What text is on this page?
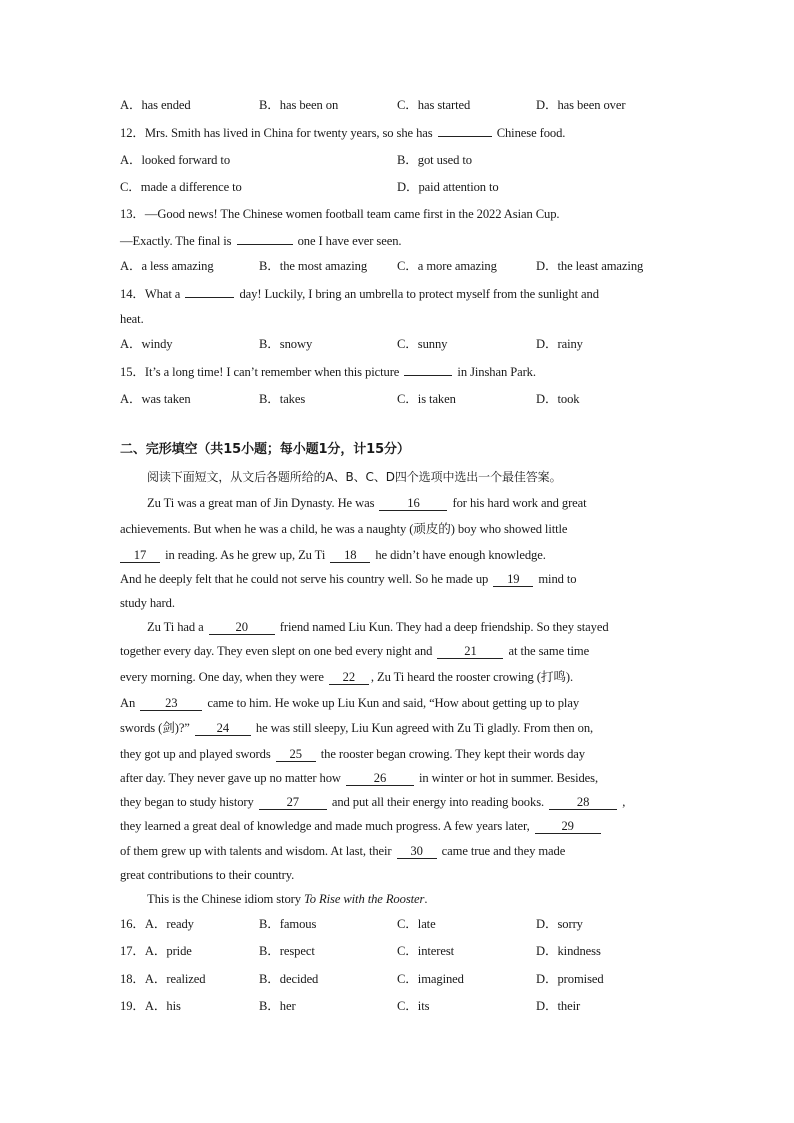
A．has ended	B．has been on	C．has started	D．has been over
12．Mrs. Smith has lived in China for twenty years, so she has	Chinese food.
A．looked forward to	B．got used to
C．made a difference to	D．paid attention to
13．—Good news! The Chinese women football team came first in the 2022 Asian Cup.
—Exactly. The final is	one I have ever seen.
A．a less amazing	B．the most amazing C．a more amazing	D．the least amazing
14．What a	day! Luckily, I bring an umbrella to protect myself from the sunlight and
heat.
A．windy	B．snowy	C．sunny	D．rainy
15．It’s a long time! I can’t remember when this picture	in Jinshan Park.
A．was taken	B．takes	C．is taken	D．took
二、完形填空（共15小题；每小题1分，计15分）
阅读下面短文，从文后各题所给的A、B、C、D四个选项中选出一个最佳答案。
Zu Ti was a great man of Jin Dynasty. He was	16	for his hard work and great
achievements. But when he was a child, he was a naughty (顽皮的) boy who showed little
17 in reading. As he grew up, Zu Ti 18 he didn’t have enough knowledge.
And he deeply felt that he could not serve his country well. So he made up 19 mind to
study hard.
Zu Ti had a	20	friend named Liu Kun. They had a deep friendship. So they stayed
together every day. They even slept on one bed every night and	21	at the same time
every morning. One day, when they were 22 , Zu Ti heard the rooster crowing (打鸣).
An 23 came to him. He woke up Liu Kun and said, “How about getting up to play
swords (剑)?” 24 he was still sleepy, Liu Kun agreed with Zu Ti gladly. From then on,
they got up and played swords 25 the rooster began crowing. They kept their words day
after day. They never gave up no matter how	26	in winter or hot in summer. Besides,
they began to study history	27	and put all their energy into reading books.	28	,
they learned a great deal of knowledge and made much progress. A few years later,	29
of them grew up with talents and wisdom. At last, their 30 came true and they made
great contributions to their country.
This is the Chinese idiom story To Rise with the Rooster.
16．A．ready	B．famous	C．late	D．sorry
17．A．pride	B．respect	C．interest	D．kindness
18．A．realized	B．decided	C．imagined	D．promised
19．A．his	B．her	C．its	D．their
